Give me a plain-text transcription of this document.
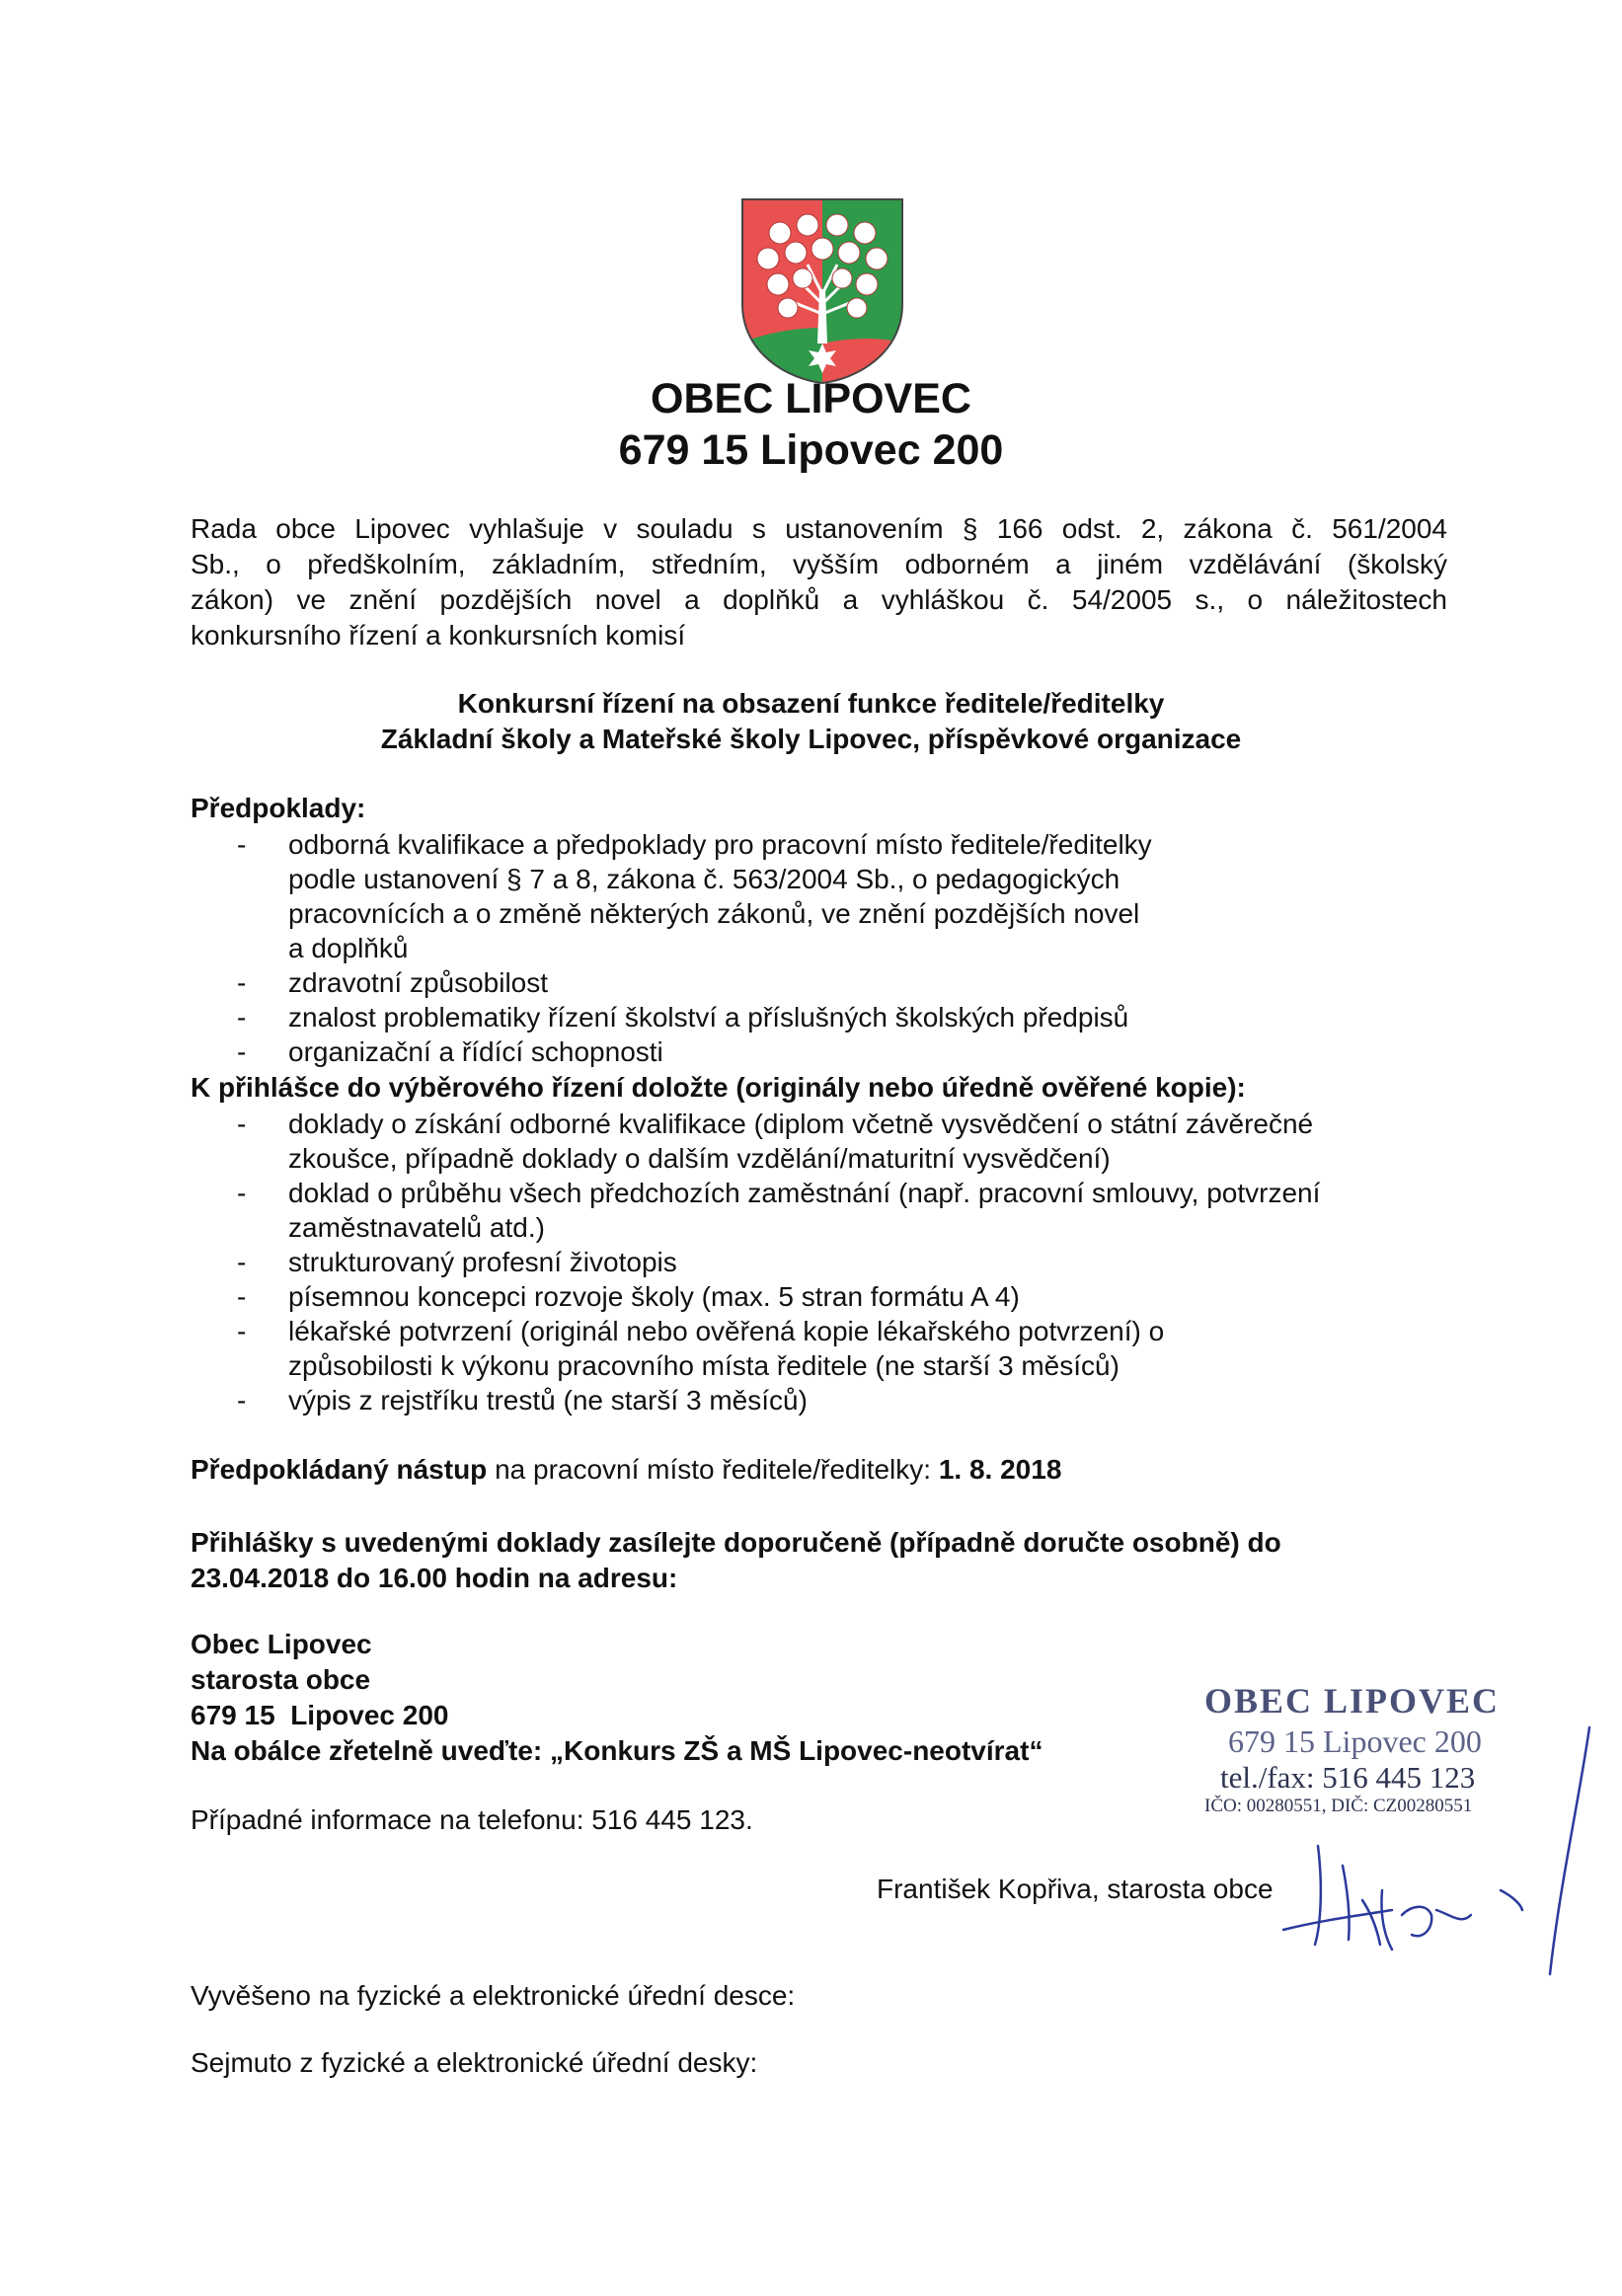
OBEC LIPOVEC
679 15 Lipovec 200
Rada obce Lipovec vyhlašuje v souladu s ustanovením § 166 odst. 2, zákona č. 561/2004
Sb., o předškolním, základním, středním, vyšším odborném a jiném vzdělávání (školský
zákon) ve znění pozdějších novel a doplňků a vyhláškou č. 54/2005 s., o náležitostech
konkursního řízení a konkursních komisí
Konkursní řízení na obsazení funkce ředitele/ředitelky
Základní školy a Mateřské školy Lipovec, příspěvkové organizace
Předpoklady:
- odborná kvalifikace a předpoklady pro pracovní místo ředitele/ředitelky podle ustanovení § 7 a 8, zákona č. 563/2004 Sb., o pedagogických pracovnících a o změně některých zákonů, ve znění pozdějších novel a doplňků
- zdravotní způsobilost
- znalost problematiky řízení školství a příslušných školských předpisů
- organizační a řídící schopnosti
K přihlášce do výběrového řízení doložte (originály nebo úředně ověřené kopie):
- doklady o získání odborné kvalifikace (diplom včetně vysvědčení o státní závěrečné zkoušce, případně doklady o dalším vzdělání/maturitní vysvědčení)
- doklad o průběhu všech předchozích zaměstnání (např. pracovní smlouvy, potvrzení zaměstnavatelů atd.)
- strukturovaný profesní životopis
- písemnou koncepci rozvoje školy (max. 5 stran formátu A 4)
- lékařské potvrzení (originál nebo ověřená kopie lékařského potvrzení) o způsobilosti k výkonu pracovního místa ředitele (ne starší 3 měsíců)
- výpis z rejstříku trestů (ne starší 3 měsíců)
Předpokládaný nástup na pracovní místo ředitele/ředitelky: 1. 8. 2018
Přihlášky s uvedenými doklady zasílejte doporučeně (případně doručte osobně) do
23.04.2018 do 16.00 hodin na adresu:
Obec Lipovec
starosta obce
679 15  Lipovec 200
Na obálce zřetelně uveďte: „Konkurs ZŠ a MŠ Lipovec-neotvírat“
Případné informace na telefonu: 516 445 123.
OBEC LIPOVEC
679 15 Lipovec 200
tel./fax: 516 445 123
IČO: 00280551, DIČ: CZ00280551
František Kopřiva, starosta obce
Vyvěšeno na fyzické a elektronické úřední desce:
Sejmuto z fyzické a elektronické úřední desky:
